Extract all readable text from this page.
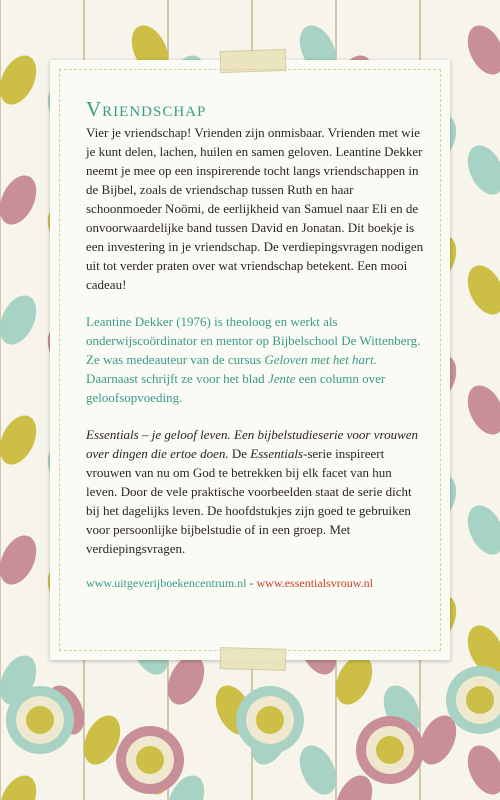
Vriendschap

Vier je vriendschap! Vrienden zijn onmisbaar. Vrienden met wie je kunt delen, lachen, huilen en samen geloven. Leantine Dekker neemt je mee op een inspirerende tocht langs vriendschappen in de Bijbel, zoals de vriendschap tussen Ruth en haar schoonmoeder Noömi, de eerlijkheid van Samuel naar Eli en de onvoorwaardelijke band tussen David en Jonatan. Dit boekje is een investering in je vriendschap. De verdiepingsvragen nodigen uit tot verder praten over wat vriendschap betekent. Een mooi cadeau!

Leantine Dekker (1976) is theoloog en werkt als onderwijscoördinator en mentor op Bijbelschool De Wittenberg. Ze was medeauteur van de cursus Geloven met het hart. Daarnaast schrijft ze voor het blad Jente een column over geloofsopvoeding.

Essentials – je geloof leven. Een bijbelstudieserie voor vrouwen over dingen die ertoe doen. De Essentials-serie inspireert vrouwen van nu om God te betrekken bij elk facet van hun leven. Door de vele praktische voorbeelden staat de serie dicht bij het dagelijks leven. De hoofdstukjes zijn goed te gebruiken voor persoonlijke bijbelstudie of in een groep. Met verdiepingsvragen.

www.uitgeverijboekencentrum.nl - www.essentialsvrouw.nl
